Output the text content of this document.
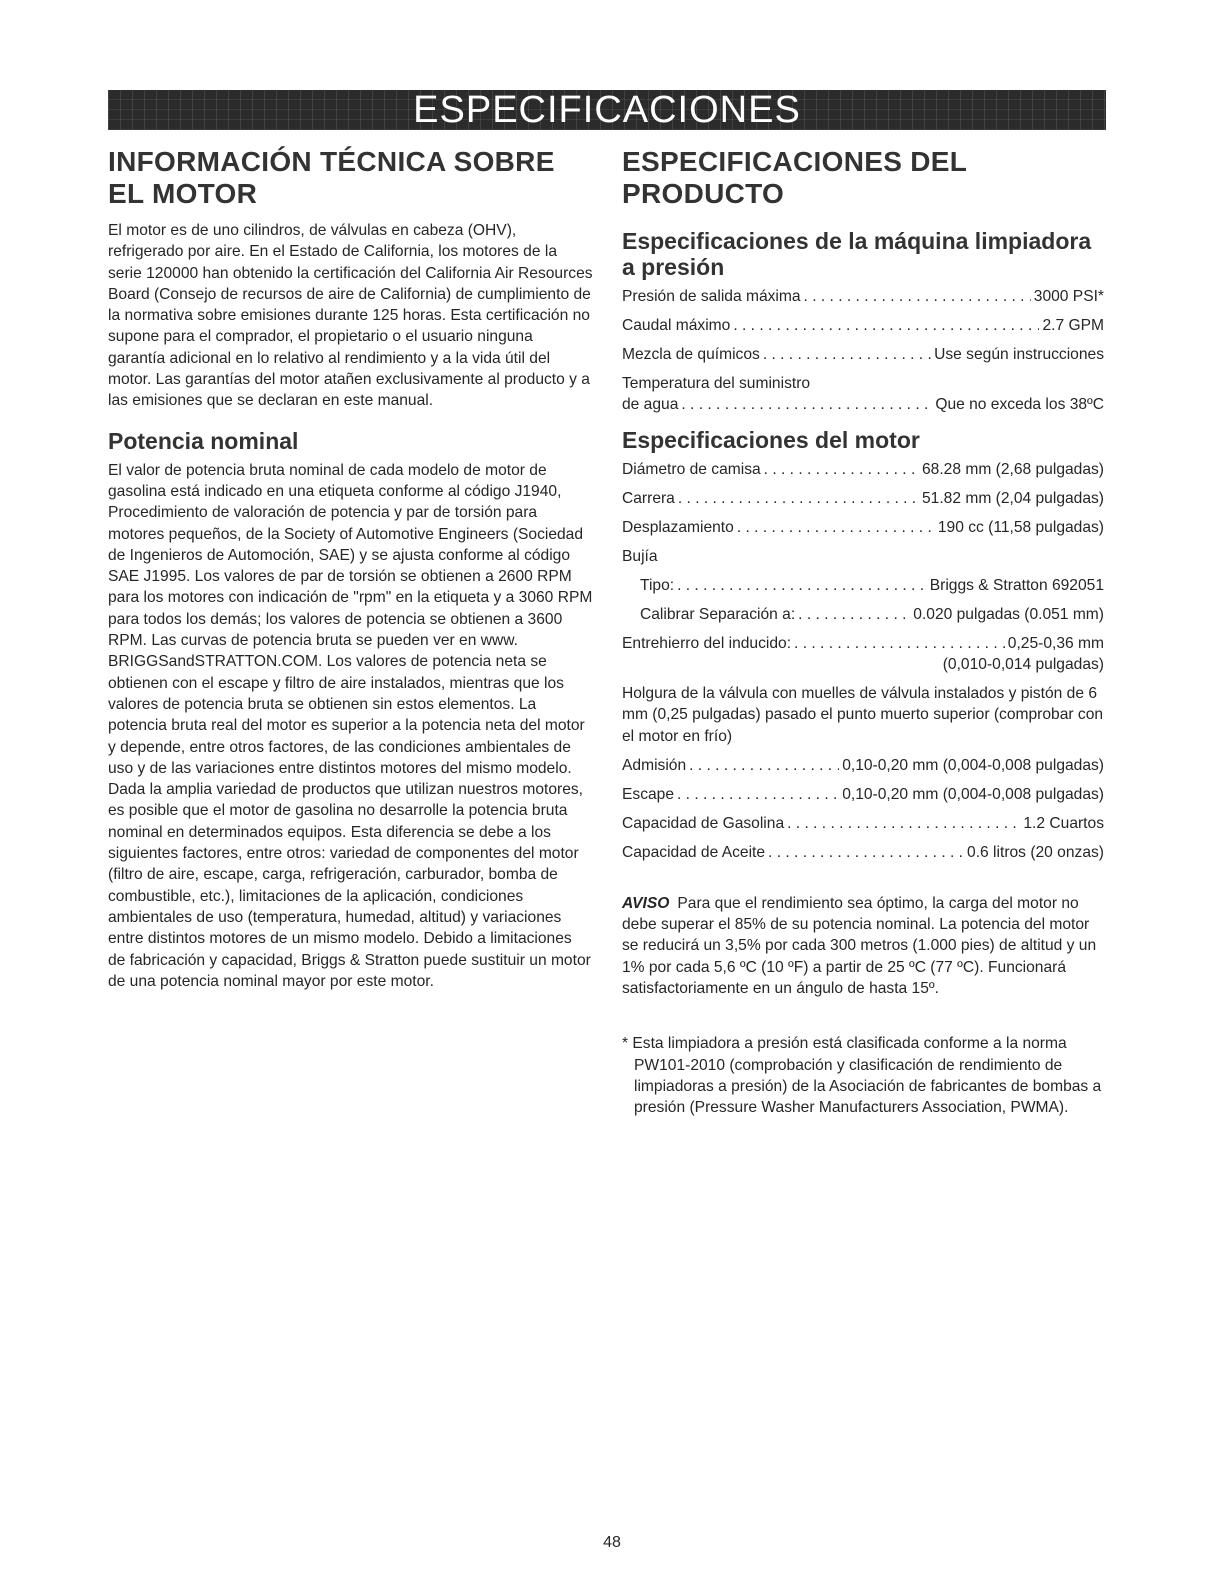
ESPECIFICACIONES
INFORMACIÓN TÉCNICA SOBRE EL MOTOR

El motor es de uno cilindros, de válvulas en cabeza (OHV), refrigerado por aire. En el Estado de California, los motores de la serie 120000 han obtenido la certificación del California Air Resources Board (Consejo de recursos de aire de California) de cumplimiento de la normativa sobre emisiones durante 125 horas. Esta certificación no supone para el comprador, el propietario o el usuario ninguna garantía adicional en lo relativo al rendimiento y a la vida útil del motor. Las garantías del motor atañen exclusivamente al producto y a las emisiones que se declaran en este manual.

Potencia nominal

El valor de potencia bruta nominal de cada modelo de motor de gasolina está indicado en una etiqueta conforme al código J1940, Procedimiento de valoración de potencia y par de torsión para motores pequeños, de la Society of Automotive Engineers (Sociedad de Ingenieros de Automoción, SAE) y se ajusta conforme al código SAE J1995. Los valores de par de torsión se obtienen a 2600 RPM para los motores con indicación de "rpm" en la etiqueta y a 3060 RPM para todos los demás; los valores de potencia se obtienen a 3600 RPM. Las curvas de potencia bruta se pueden ver en www. BRIGGSandSTRATTON.COM. Los valores de potencia neta se obtienen con el escape y filtro de aire instalados, mientras que los valores de potencia bruta se obtienen sin estos elementos. La potencia bruta real del motor es superior a la potencia neta del motor y depende, entre otros factores, de las condiciones ambientales de uso y de las variaciones entre distintos motores del mismo modelo. Dada la amplia variedad de productos que utilizan nuestros motores, es posible que el motor de gasolina no desarrolle la potencia bruta nominal en determinados equipos. Esta diferencia se debe a los siguientes factores, entre otros: variedad de componentes del motor (filtro de aire, escape, carga, refrigeración, carburador, bomba de combustible, etc.), limitaciones de la aplicación, condiciones ambientales de uso (temperatura, humedad, altitud) y variaciones entre distintos motores de un mismo modelo. Debido a limitaciones de fabricación y capacidad, Briggs & Stratton puede sustituir un motor de una potencia nominal mayor por este motor.

ESPECIFICACIONES DEL PRODUCTO
Especificaciones de la máquina limpiadora a presión
Presión de salida máxima . . .	3000 PSI*
Caudal máximo . . .	2.7 GPM
Mezcla de químicos . . .	Use según instrucciones
Temperatura del suministro
de agua . . .	Que no exceda los 38ºC
Especificaciones del motor
Diámetro de camisa . . .	68.28 mm (2,68 pulgadas)
Carrera . . .	51.82 mm (2,04 pulgadas)
Desplazamiento . . .	190 cc (11,58 pulgadas)
Bujía
Tipo: . . .	Briggs & Stratton 692051
Calibrar Separación a: . . .	0.020 pulgadas (0.051 mm)
Entrehierro del inducido: . . .	0,25-0,36 mm
(0,010-0,014 pulgadas)

Holgura de la válvula con muelles de válvula instalados y pistón de 6 mm (0,25 pulgadas) pasado el punto muerto superior (comprobar con el motor en frío)

Admisión . . .	0,10-0,20 mm (0,004-0,008 pulgadas)
Escape . . .	0,10-0,20 mm (0,004-0,008 pulgadas)
Capacidad de Gasolina . . .	1.2 Cuartos
Capacidad de Aceite . . .	0.6 litros (20 onzas)

AVISO Para que el rendimiento sea óptimo, la carga del motor no debe superar el 85% de su potencia nominal. La potencia del motor se reducirá un 3,5% por cada 300 metros (1.000 pies) de altitud y un 1% por cada 5,6 ºC (10 ºF) a partir de 25 ºC (77 ºC). Funcionará satisfactoriamente en un ángulo de hasta 15º.

* Esta limpiadora a presión está clasificada conforme a la norma PW101-2010 (comprobación y clasificación de rendimiento de limpiadoras a presión) de la Asociación de fabricantes de bombas a presión (Pressure Washer Manufacturers Association, PWMA).

48
